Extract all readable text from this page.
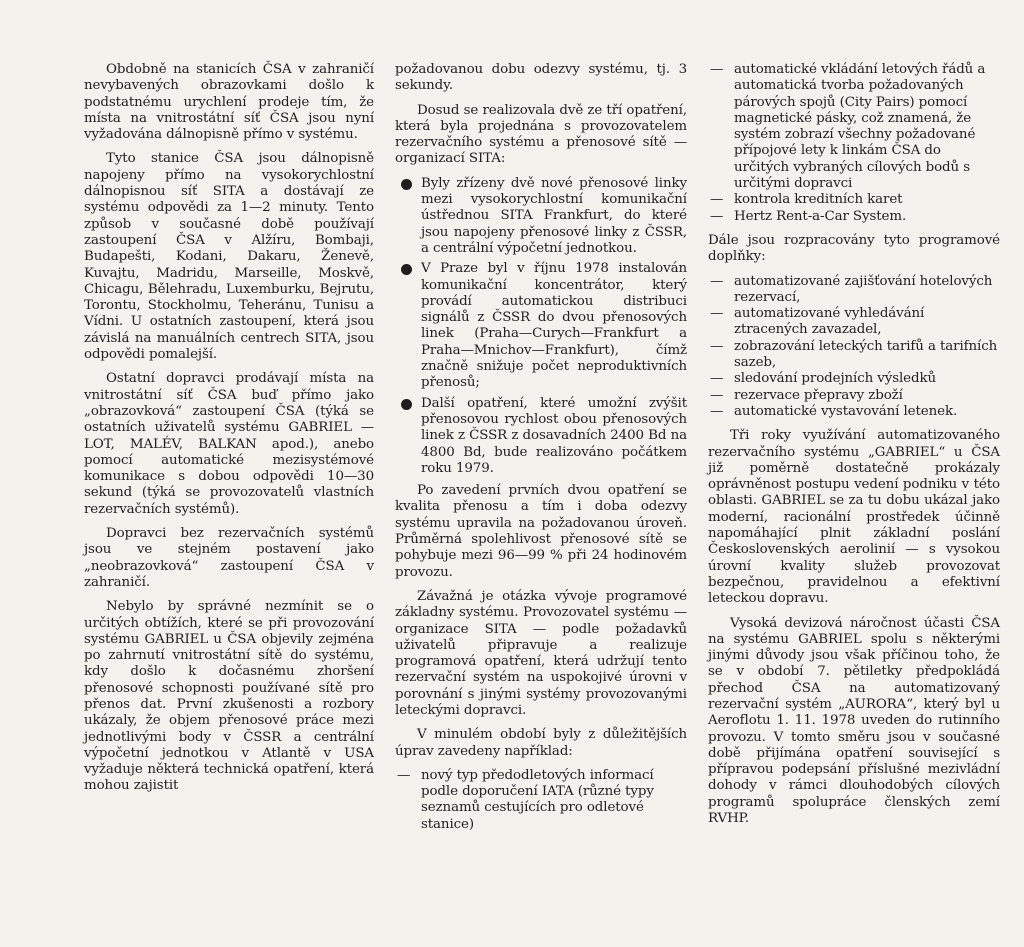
Obdobně na stanicích ČSA v zahraničí nevybavených obrazovkami došlo k podstatnému urychlení prodeje tím, že místa na vnitrostátní síť ČSA jsou nyní vyžadována dálnopisně přímo v systému.

Tyto stanice ČSA jsou dálnopisně napojeny přímo na vysokorychlostní dálnopisnou síť SITA a dostávají ze systému odpovědi za 1—2 minuty. Tento způsob v současné době používají zastoupení ČSA v Alžíru, Bombaji, Budapešti, Kodani, Dakaru, Ženevě, Kuvajtu, Madridu, Marseille, Moskvě, Chicagu, Bělehradu, Luxemburku, Bejrutu, Torontu, Stockholmu, Teheránu, Tunisu a Vídni. U ostatních zastoupení, která jsou závislá na manuálních centrech SITA, jsou odpovědi pomalejší.

Ostatní dopravci prodávají místa na vnitrostátní síť ČSA buď přímo jako „obrazovková“ zastoupení ČSA (týká se ostatních uživatelů systému GABRIEL — LOT, MALÉV, BALKAN apod.), anebo pomocí automatické mezisystémové komunikace s dobou odpovědi 10—30 sekund (týká se provozovatelů vlastních rezervačních systémů).

Dopravci bez rezervačních systémů jsou ve stejném postavení jako „neobrazovková“ zastoupení ČSA v zahraničí.

Nebylo by správné nezmínit se o určitých obtížích, které se při provozování systému GABRIEL u ČSA objevily zejména po zahrnutí vnitrostátní sítě do systému, kdy došlo k dočasnému zhoršení přenosové schopnosti používané sítě pro přenos dat. První zkušenosti a rozbory ukázaly, že objem přenosové práce mezi jednotlivými body v ČSSR a centrální výpočetní jednotkou v Atlantě v USA vyžaduje některá technická opatření, která mohou zajistit

požadovanou dobu odezvy systému, tj. 3 sekundy.

Dosud se realizovala dvě ze tří opatření, která byla projednána s provozovatelem rezervačního systému a přenosové sítě — organizací SITA:

Byly zřízeny dvě nové přenosové linky mezi vysokorychlostní komunikační ústřednou SITA Frankfurt, do které jsou napojeny přenosové linky z ČSSR, a centrální výpočetní jednotkou.
V Praze byl v říjnu 1978 instalován komunikační koncentrátor, který provádí automatickou distribuci signálů z ČSSR do dvou přenosových linek (Praha—Curych—Frankfurt a Praha—Mnichov—Frankfurt), čímž značně snižuje počet neproduktivních přenosů;
Další opatření, které umožní zvýšit přenosovou rychlost obou přenosových linek z ČSSR z dosavadních 2400 Bd na 4800 Bd, bude realizováno počátkem roku 1979.

Po zavedení prvních dvou opatření se kvalita přenosu a tím i doba odezvy systému upravila na požadovanou úroveň. Průměrná spolehlivost přenosové sítě se pohybuje mezi 96—99 % při 24 hodinovém provozu.

Závažná je otázka vývoje programové základny systému. Provozovatel systému — organizace SITA — podle požadavků uživatelů připravuje a realizuje programová opatření, která udržují tento rezervační systém na uspokojivé úrovni v porovnání s jinými systémy provozovanými leteckými dopravci.

V minulém období byly z důležitějších úprav zavedeny například:

— nový typ předodletových informací podle doporučení IATA (různé typy seznamů cestujících pro odletové stanice)
— automatické vkládání letových řádů a automatická tvorba požadovaných párových spojů (City Pairs) pomocí magnetické pásky, což znamená, že systém zobrazí všechny požadované přípojové lety k linkám ČSA do určitých vybraných cílových bodů s určitými dopravci
— kontrola kreditních karet
— Hertz Rent-a-Car System.

Dále jsou rozpracovány tyto programové doplňky:

— automatizované zajišťování hotelových rezervací,
— automatizované vyhledávání ztracených zavazadel,
— zobrazování leteckých tarifů a tarifních sazeb,
— sledování prodejních výsledků
— rezervace přepravy zboží
— automatické vystavování letenek.

Tři roky využívání automatizovaného rezervačního systému „GABRIEL“ u ČSA již poměrně dostatečně prokázaly oprávněnost postupu vedení podniku v této oblasti. GABRIEL se za tu dobu ukázal jako moderní, racionální prostředek účinně napomáhající plnit základní poslání Československých aerolinií — s vysokou úrovní kvality služeb provozovat bezpečnou, pravidelnou a efektivní leteckou dopravu.

Vysoká devizová náročnost účasti ČSA na systému GABRIEL spolu s některými jinými důvody jsou však příčinou toho, že se v období 7. pětiletky předpokládá přechod ČSA na automatizovaný rezervační systém „AURORA“, který byl u Aeroflotu 1. 11. 1978 uveden do rutinního provozu. V tomto směru jsou v současné době přijímána opatření související s přípravou podepsání příslušné mezivládní dohody v rámci dlouhodobých cílových programů spolupráce členských zemí RVHP.
